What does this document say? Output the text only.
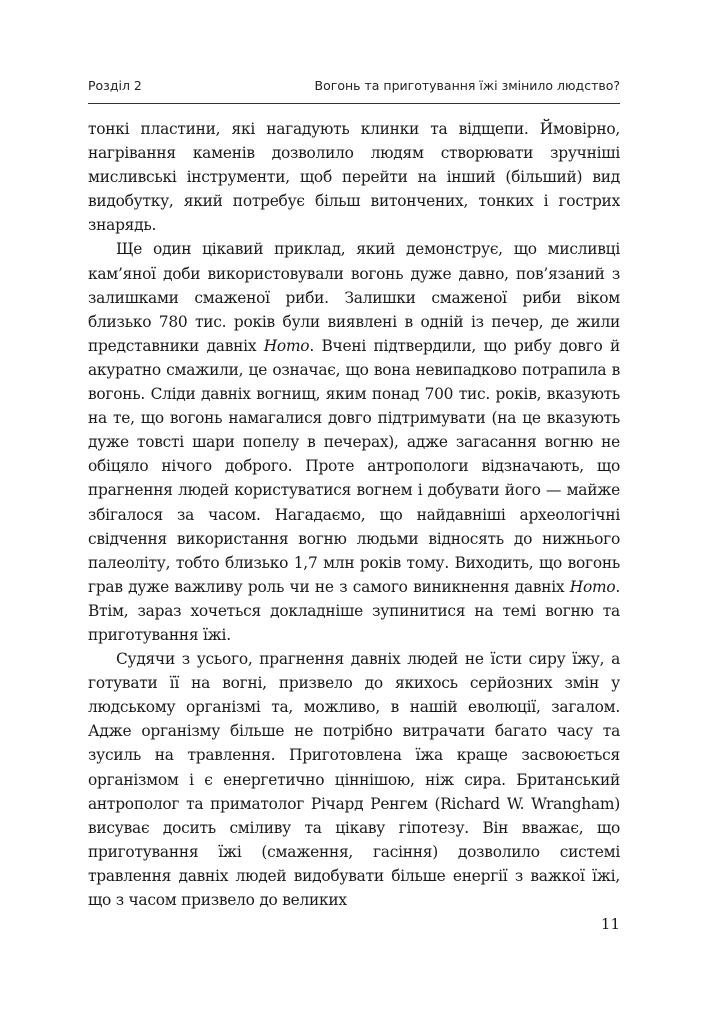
Розділ 2	Вогонь та приготування їжі змінило людство?

тонкі пластини, які нагадують клинки та відщепи. Ймовірно, нагрівання каменів дозволило людям створювати зручніші мисливські інструменти, щоб перейти на інший (більший) вид видобутку, який потребує більш витончених, тонких і гострих знарядь.

Ще один цікавий приклад, який демонструє, що мисливці кам’яної доби використовували вогонь дуже давно, пов’язаний з залишками смаженої риби. Залишки смаженої риби віком близько 780 тис. років були виявлені в одній із печер, де жили представники давніх Homo. Вчені підтвердили, що рибу довго й акуратно смажили, це означає, що вона невипадково потрапила в вогонь. Сліди давніх вогнищ, яким понад 700 тис. років, вказують на те, що вогонь намагалися довго підтримувати (на це вказують дуже товсті шари попелу в печерах), адже загасання вогню не обіцяло нічого доброго. Проте антропологи відзначають, що прагнення людей користуватися вогнем і добувати його — майже збігалося за часом. Нагадаємо, що найдавніші археологічні свідчення використання вогню людьми відносять до нижнього палеоліту, тобто близько 1,7 млн років тому. Виходить, що вогонь грав дуже важливу роль чи не з самого виникнення давніх Homo. Втім, зараз хочеться докладніше зупинитися на темі вогню та приготування їжі.

Судячи з усього, прагнення давніх людей не їсти сиру їжу, а готувати її на вогні, призвело до якихось серйозних змін у людському організмі та, можливо, в нашій еволюції, загалом. Адже організму більше не потрібно витрачати багато часу та зусиль на травлення. Приготовлена їжа краще засвоюється організмом і є енергетично ціннішою, ніж сира. Британський антрополог та приматолог Річард Ренгем (Richard W. Wrangham) висуває досить сміливу та цікаву гіпотезу. Він вважає, що приготування їжі (смаження, гасіння) дозволило системі травлення давніх людей видобувати більше енергії з важкої їжі, що з часом призвело до великих

11
